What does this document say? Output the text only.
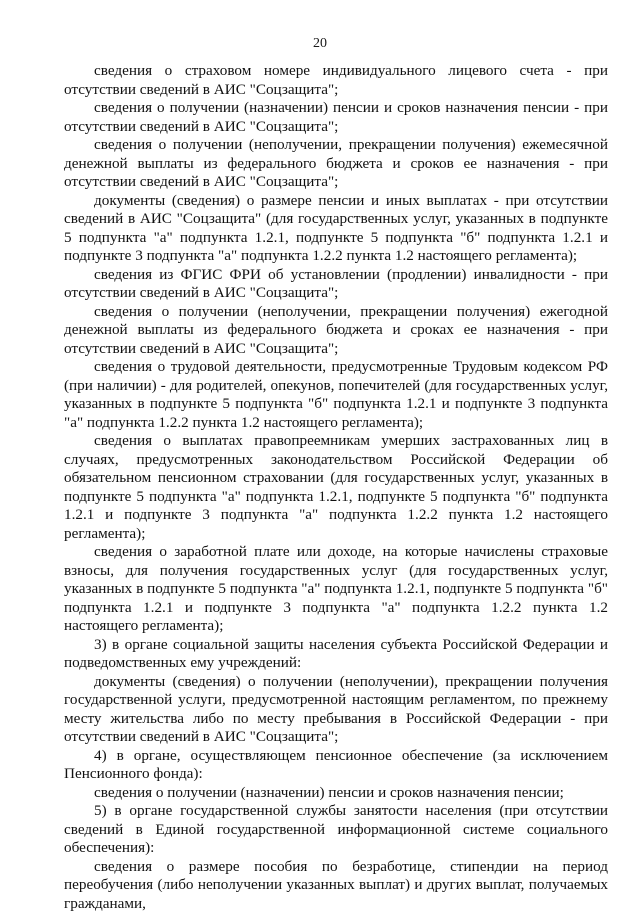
20

сведения о страховом номере индивидуального лицевого счета - при отсутствии сведений в АИС "Соцзащита";

сведения о получении (назначении) пенсии и сроков назначения пенсии - при отсутствии сведений в АИС "Соцзащита";

сведения о получении (неполучении, прекращении получения) ежемесячной денежной выплаты из федерального бюджета и сроков ее назначения - при отсутствии сведений в АИС "Соцзащита";

документы (сведения) о размере пенсии и иных выплатах - при отсутствии сведений в АИС "Соцзащита" (для государственных услуг, указанных в подпункте 5 подпункта "а" подпункта 1.2.1, подпункте 5 подпункта "б" подпункта 1.2.1 и подпункте 3 подпункта "а" подпункта 1.2.2 пункта 1.2 настоящего регламента);

сведения из ФГИС ФРИ об установлении (продлении) инвалидности - при отсутствии сведений в АИС "Соцзащита";

сведения о получении (неполучении, прекращении получения) ежегодной денежной выплаты из федерального бюджета и сроках ее назначения - при отсутствии сведений в АИС "Соцзащита";

сведения о трудовой деятельности, предусмотренные Трудовым кодексом РФ (при наличии) - для родителей, опекунов, попечителей (для государственных услуг, указанных в подпункте 5 подпункта "б" подпункта 1.2.1 и подпункте 3 подпункта "а" подпункта 1.2.2 пункта 1.2 настоящего регламента);

сведения о выплатах правопреемникам умерших застрахованных лиц в случаях, предусмотренных законодательством Российской Федерации об обязательном пенсионном страховании (для государственных услуг, указанных в подпункте 5 подпункта "а" подпункта 1.2.1, подпункте 5 подпункта "б" подпункта 1.2.1 и подпункте 3 подпункта "а" подпункта 1.2.2 пункта 1.2 настоящего регламента);

сведения о заработной плате или доходе, на которые начислены страховые взносы, для получения государственных услуг (для государственных услуг, указанных в подпункте 5 подпункта "а" подпункта 1.2.1, подпункте 5 подпункта "б" подпункта 1.2.1 и подпункте 3 подпункта "а" подпункта 1.2.2 пункта 1.2 настоящего регламента);

3) в органе социальной защиты населения субъекта Российской Федерации и подведомственных ему учреждений:

документы (сведения) о получении (неполучении), прекращении получения государственной услуги, предусмотренной настоящим регламентом, по прежнему месту жительства либо по месту пребывания в Российской Федерации - при отсутствии сведений в АИС "Соцзащита";

4) в органе, осуществляющем пенсионное обеспечение (за исключением Пенсионного фонда):

сведения о получении (назначении) пенсии и сроков назначения пенсии;

5) в органе государственной службы занятости населения (при отсутствии сведений в Единой государственной информационной системе социального обеспечения):

сведения о размере пособия по безработице, стипендии на период переобучения (либо неполучении указанных выплат) и других выплат, получаемых гражданами,
